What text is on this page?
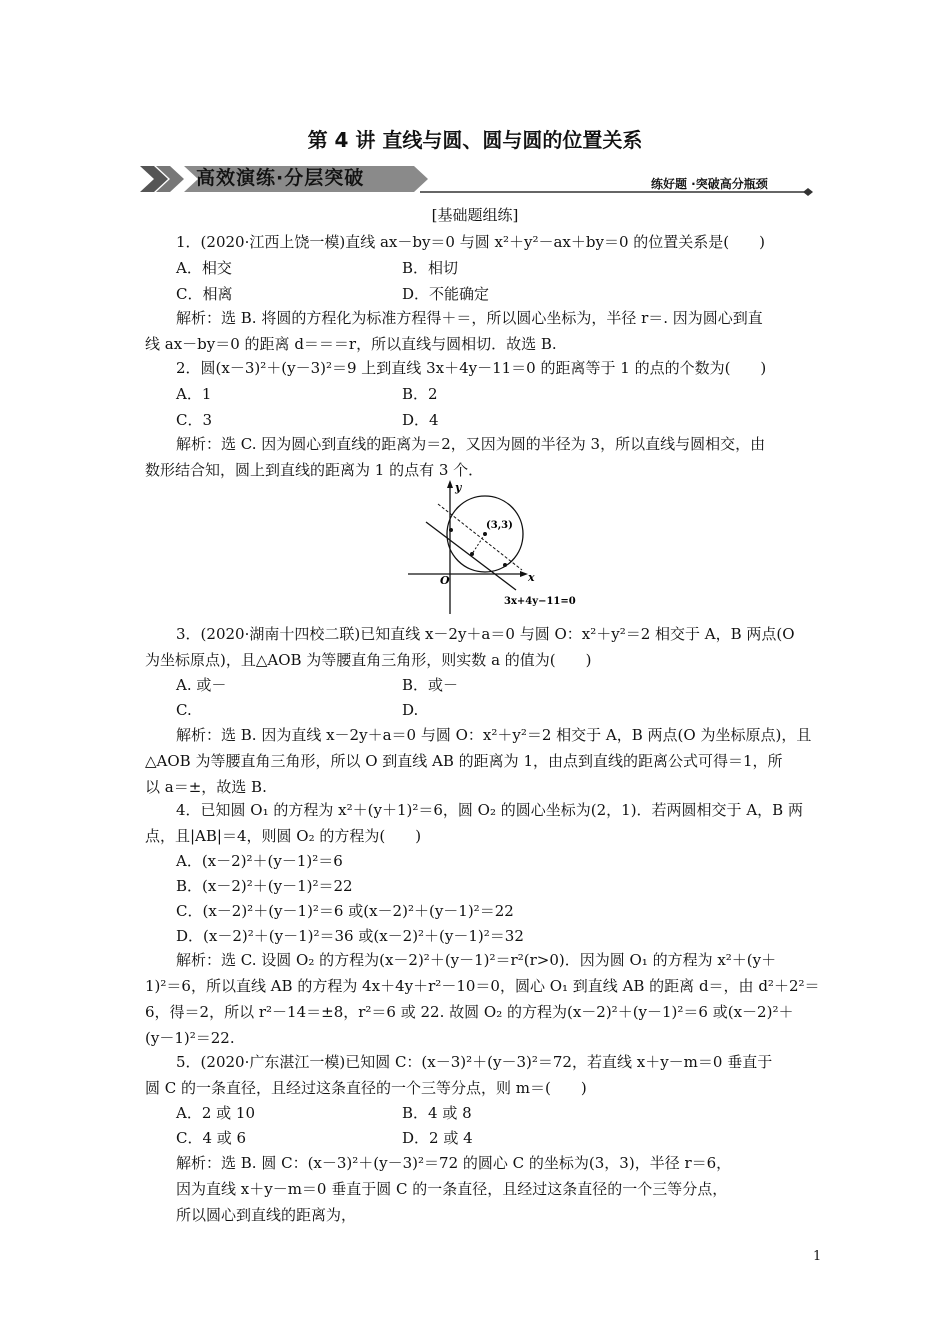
第 4 讲 直线与圆、圆与圆的位置关系
高效演练·分层突破	练好题 ·突破高分瓶颈
[基础题组练]
1．(2020·江西上饶一模)直线 ax－by＝0 与圆 x²＋y²－ax＋by＝0 的位置关系是(　　)
A．相交	B．相切
C．相离	D．不能确定
解析：选 B. 将圆的方程化为标准方程得＋＝，所以圆心坐标为，半径 r＝. 因为圆心到直
线 ax－by＝0 的距离 d＝＝＝r，所以直线与圆相切．故选 B.
2．圆(x－3)²＋(y－3)²＝9 上到直线 3x＋4y－11＝0 的距离等于 1 的点的个数为(　　)
A．1	B．2
C．3	D．4
解析：选 C. 因为圆心到直线的距离为＝2，又因为圆的半径为 3，所以直线与圆相交，由
数形结合知，圆上到直线的距离为 1 的点有 3 个．
y
x
O
(3,3)
3x+4y−11=0
3．(2020·湖南十四校二联)已知直线 x－2y＋a＝0 与圆 O：x²＋y²＝2 相交于 A，B 两点(O
为坐标原点)，且△AOB 为等腰直角三角形，则实数 a 的值为(　　)
A. 或－	B．或－
C.	D.
解析：选 B. 因为直线 x－2y＋a＝0 与圆 O：x²＋y²＝2 相交于 A，B 两点(O 为坐标原点)，且
△AOB 为等腰直角三角形，所以 O 到直线 AB 的距离为 1，由点到直线的距离公式可得＝1，所
以 a＝±，故选 B.
4．已知圆 O₁ 的方程为 x²＋(y＋1)²＝6，圆 O₂ 的圆心坐标为(2，1)．若两圆相交于 A，B 两
点，且|AB|＝4，则圆 O₂ 的方程为(　　)
A．(x－2)²＋(y－1)²＝6
B．(x－2)²＋(y－1)²＝22
C．(x－2)²＋(y－1)²＝6 或(x－2)²＋(y－1)²＝22
D．(x－2)²＋(y－1)²＝36 或(x－2)²＋(y－1)²＝32
解析：选 C. 设圆 O₂ 的方程为(x－2)²＋(y－1)²＝r²(r>0)．因为圆 O₁ 的方程为 x²＋(y＋
1)²＝6，所以直线 AB 的方程为 4x＋4y＋r²－10＝0，圆心 O₁ 到直线 AB 的距离 d＝，由 d²＋2²＝
6，得＝2，所以 r²－14＝±8，r²＝6 或 22. 故圆 O₂ 的方程为(x－2)²＋(y－1)²＝6 或(x－2)²＋
(y－1)²＝22.
5．(2020·广东湛江一模)已知圆 C：(x－3)²＋(y－3)²＝72，若直线 x＋y－m＝0 垂直于
圆 C 的一条直径，且经过这条直径的一个三等分点，则 m＝(　　)
A．2 或 10	B．4 或 8
C．4 或 6	D．2 或 4
解析：选 B. 圆 C：(x－3)²＋(y－3)²＝72 的圆心 C 的坐标为(3，3)，半径 r＝6，
因为直线 x＋y－m＝0 垂直于圆 C 的一条直径，且经过这条直径的一个三等分点，
所以圆心到直线的距离为，
1
